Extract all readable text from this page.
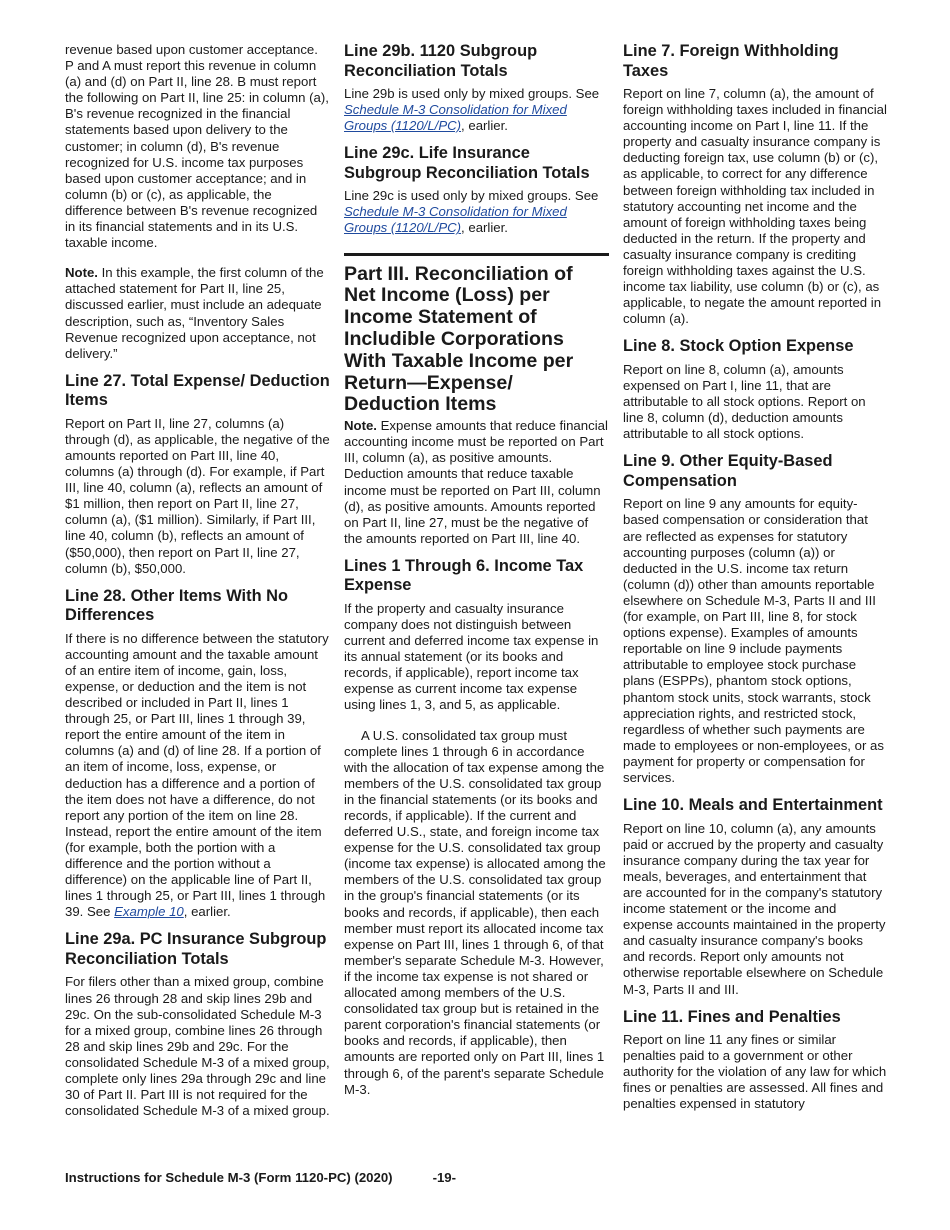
revenue based upon customer acceptance. P and A must report this revenue in column (a) and (d) on Part II, line 28. B must report the following on Part II, line 25: in column (a), B's revenue recognized in the financial statements based upon delivery to the customer; in column (d), B's revenue recognized for U.S. income tax purposes based upon customer acceptance; and in column (b) or (c), as applicable, the difference between B's revenue recognized in its financial statements and in its U.S. taxable income.

Note. In this example, the first column of the attached statement for Part II, line 25, discussed earlier, must include an adequate description, such as, “Inventory Sales Revenue recognized upon acceptance, not delivery.”

Line 27. Total Expense/ Deduction Items

Report on Part II, line 27, columns (a) through (d), as applicable, the negative of the amounts reported on Part III, line 40, columns (a) through (d). For example, if Part III, line 40, column (a), reflects an amount of $1 million, then report on Part II, line 27, column (a), ($1 million). Similarly, if Part III, line 40, column (b), reflects an amount of ($50,000), then report on Part II, line 27, column (b), $50,000.

Line 28. Other Items With No Differences

If there is no difference between the statutory accounting amount and the taxable amount of an entire item of income, gain, loss, expense, or deduction and the item is not described or included in Part II, lines 1 through 25, or Part III, lines 1 through 39, report the entire amount of the item in columns (a) and (d) of line 28. If a portion of an item of income, loss, expense, or deduction has a difference and a portion of the item does not have a difference, do not report any portion of the item on line 28. Instead, report the entire amount of the item (for example, both the portion with a difference and the portion without a difference) on the applicable line of Part II, lines 1 through 25, or Part III, lines 1 through 39. See Example 10, earlier.

Line 29a. PC Insurance Subgroup Reconciliation Totals

For filers other than a mixed group, combine lines 26 through 28 and skip lines 29b and 29c. On the sub-consolidated Schedule M-3 for a mixed group, combine lines 26 through 28 and skip lines 29b and 29c. For the consolidated Schedule M-3 of a mixed group, complete only lines 29a through 29c and line 30 of Part II. Part III is not required for the consolidated Schedule M-3 of a mixed group.

Line 29b. 1120 Subgroup Reconciliation Totals

Line 29b is used only by mixed groups. See Schedule M-3 Consolidation for Mixed Groups (1120/L/PC), earlier.

Line 29c. Life Insurance Subgroup Reconciliation Totals

Line 29c is used only by mixed groups. See Schedule M-3 Consolidation for Mixed Groups (1120/L/PC), earlier.

Part III. Reconciliation of Net Income (Loss) per Income Statement of Includible Corporations With Taxable Income per Return—Expense/ Deduction Items

Note. Expense amounts that reduce financial accounting income must be reported on Part III, column (a), as positive amounts. Deduction amounts that reduce taxable income must be reported on Part III, column (d), as positive amounts. Amounts reported on Part II, line 27, must be the negative of the amounts reported on Part III, line 40.

Lines 1 Through 6. Income Tax Expense

If the property and casualty insurance company does not distinguish between current and deferred income tax expense in its annual statement (or its books and records, if applicable), report income tax expense as current income tax expense using lines 1, 3, and 5, as applicable.

A U.S. consolidated tax group must complete lines 1 through 6 in accordance with the allocation of tax expense among the members of the U.S. consolidated tax group in the financial statements (or its books and records, if applicable). If the current and deferred U.S., state, and foreign income tax expense for the U.S. consolidated tax group (income tax expense) is allocated among the members of the U.S. consolidated tax group in the group's financial statements (or its books and records, if applicable), then each member must report its allocated income tax expense on Part III, lines 1 through 6, of that member's separate Schedule M-3. However, if the income tax expense is not shared or allocated among members of the U.S. consolidated tax group but is retained in the parent corporation's financial statements (or books and records, if applicable), then amounts are reported only on Part III, lines 1 through 6, of the parent's separate Schedule M-3.

Line 7. Foreign Withholding Taxes

Report on line 7, column (a), the amount of foreign withholding taxes included in financial accounting income on Part I, line 11. If the property and casualty insurance company is deducting foreign tax, use column (b) or (c), as applicable, to correct for any difference between foreign withholding tax included in statutory accounting net income and the amount of foreign withholding taxes being deducted in the return. If the property and casualty insurance company is crediting foreign withholding taxes against the U.S. income tax liability, use column (b) or (c), as applicable, to negate the amount reported in column (a).

Line 8. Stock Option Expense

Report on line 8, column (a), amounts expensed on Part I, line 11, that are attributable to all stock options. Report on line 8, column (d), deduction amounts attributable to all stock options.

Line 9. Other Equity-Based Compensation

Report on line 9 any amounts for equity-based compensation or consideration that are reflected as expenses for statutory accounting purposes (column (a)) or deducted in the U.S. income tax return (column (d)) other than amounts reportable elsewhere on Schedule M-3, Parts II and III (for example, on Part III, line 8, for stock options expense). Examples of amounts reportable on line 9 include payments attributable to employee stock purchase plans (ESPPs), phantom stock options, phantom stock units, stock warrants, stock appreciation rights, and restricted stock, regardless of whether such payments are made to employees or non-employees, or as payment for property or compensation for services.

Line 10. Meals and Entertainment

Report on line 10, column (a), any amounts paid or accrued by the property and casualty insurance company during the tax year for meals, beverages, and entertainment that are accounted for in the company's statutory income statement or the income and expense accounts maintained in the property and casualty insurance company's books and records. Report only amounts not otherwise reportable elsewhere on Schedule M-3, Parts II and III.

Line 11. Fines and Penalties

Report on line 11 any fines or similar penalties paid to a government or other authority for the violation of any law for which fines or penalties are assessed. All fines and penalties expensed in statutory

Instructions for Schedule M-3 (Form 1120-PC) (2020)	-19-
